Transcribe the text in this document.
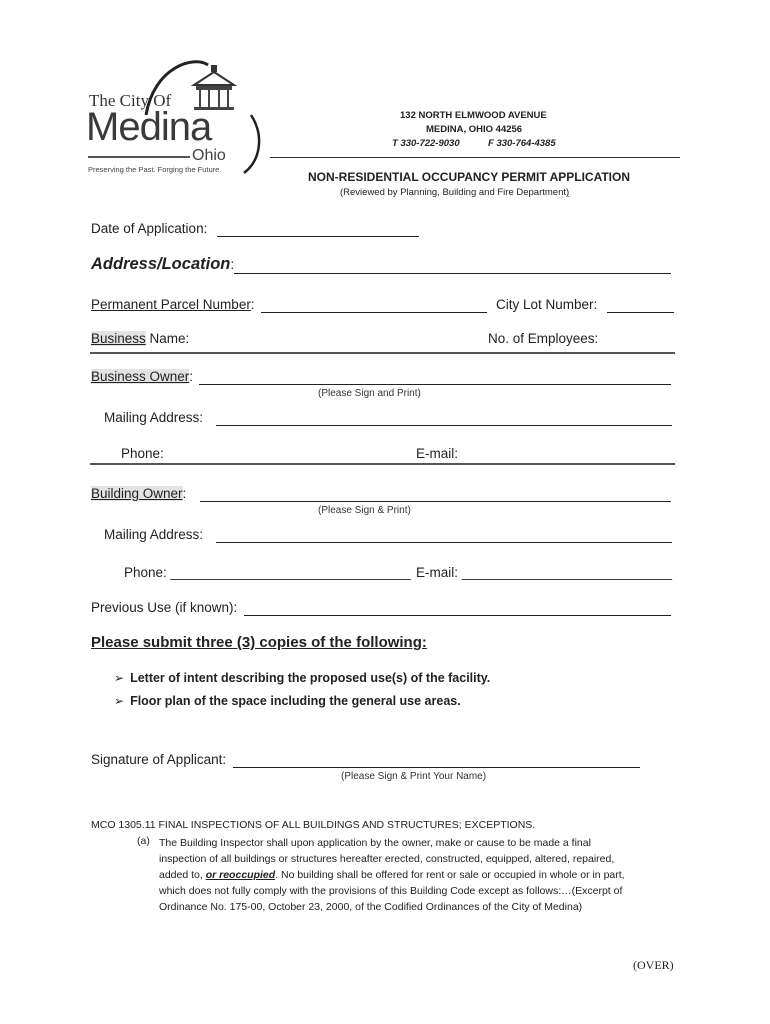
The City Of
Medina
Ohio
Preserving the Past. Forging the Future.
132 NORTH ELMWOOD AVENUE
MEDINA, OHIO 44256
T 330-722-9030	F 330-764-4385
NON-RESIDENTIAL OCCUPANCY PERMIT APPLICATION
(Reviewed by Planning, Building and Fire Department)
Date of Application:
Address/Location:
Permanent Parcel Number:	City Lot Number:
Business Name:	No. of Employees:
Business Owner:
(Please Sign and Print)
Mailing Address:
Phone:	E-mail:
Building Owner:
(Please Sign & Print)
Mailing Address:
Phone: ________________________________ E-mail: ____________________________
Previous Use (if known):
Please submit three (3) copies of the following:
➢ Letter of intent describing the proposed use(s) of the facility.
➢ Floor plan of the space including the general use areas.
Signature of Applicant:
(Please Sign & Print Your Name)
MCO 1305.11 FINAL INSPECTIONS OF ALL BUILDINGS AND STRUCTURES; EXCEPTIONS.
(a) The Building Inspector shall upon application by the owner, make or cause to be made a final
inspection of all buildings or structures hereafter erected, constructed, equipped, altered, repaired,
added to, or reoccupied. No building shall be offered for rent or sale or occupied in whole or in part,
which does not fully comply with the provisions of this Building Code except as follows:…(Excerpt of
Ordinance No. 175-00, October 23, 2000, of the Codified Ordinances of the City of Medina)
(OVER)
